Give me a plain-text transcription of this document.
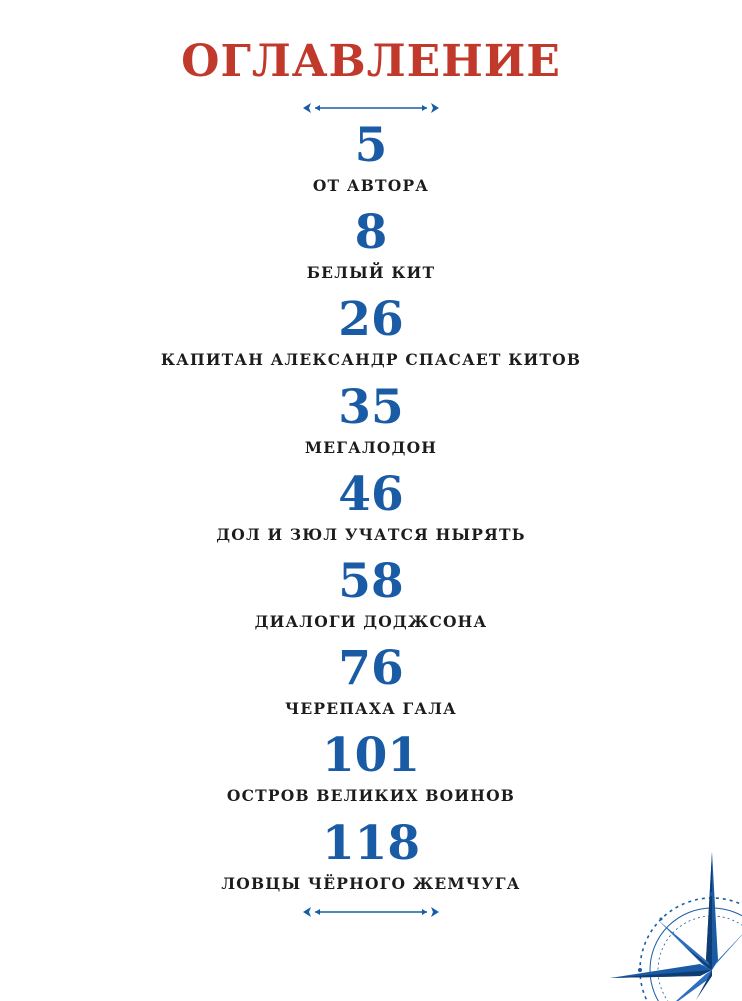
ОГЛАВЛЕНИЕ
5
ОТ АВТОРА
8
БЕЛЫЙ КИТ
26
КАПИТАН АЛЕКСАНДР СПАСАЕТ КИТОВ
35
МЕГАЛОДОН
46
ДОЛ И ЗЮЛ УЧАТСЯ НЫРЯТЬ
58
ДИАЛОГИ ДОДЖСОНА
76
ЧЕРЕПАХА ГАЛА
101
ОСТРОВ ВЕЛИКИХ ВОИНОВ
118
ЛОВЦЫ ЧЁРНОГО ЖЕМЧУГА
